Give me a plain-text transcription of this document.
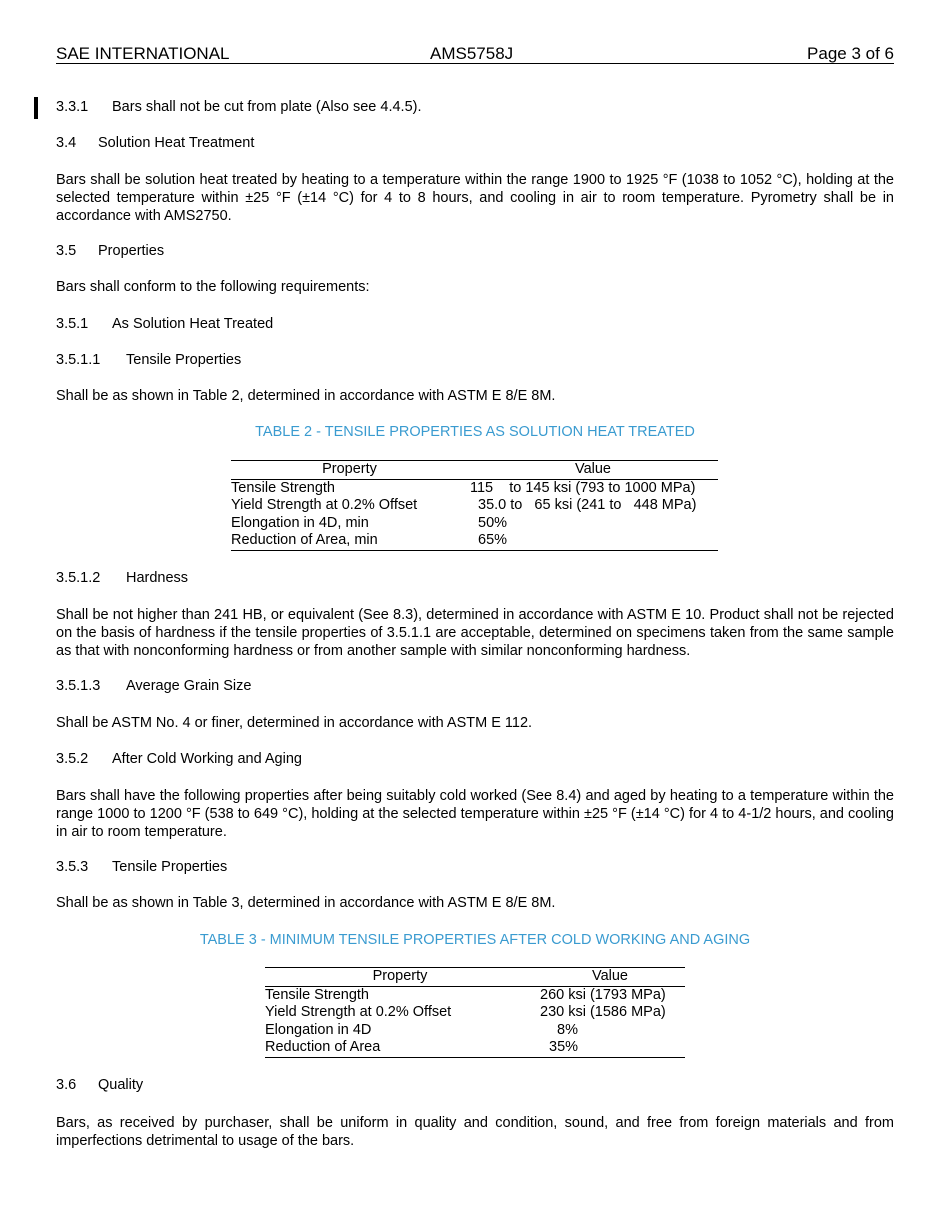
SAE INTERNATIONAL	AMS5758J	Page 3 of 6
3.3.1 Bars shall not be cut from plate (Also see 4.4.5).
3.4 Solution Heat Treatment
Bars shall be solution heat treated by heating to a temperature within the range 1900 to 1925 °F (1038 to 1052 °C), holding at the selected temperature within ±25 °F (±14 °C) for 4 to 8 hours, and cooling in air to room temperature. Pyrometry shall be in accordance with AMS2750.
3.5 Properties
Bars shall conform to the following requirements:
3.5.1 As Solution Heat Treated
3.5.1.1 Tensile Properties
Shall be as shown in Table 2, determined in accordance with ASTM E 8/E 8M.
TABLE 2 - TENSILE PROPERTIES AS SOLUTION HEAT TREATED
Property	Value
Tensile Strength	115    to 145 ksi (793 to 1000 MPa)
Yield Strength at 0.2% Offset	35.0 to   65 ksi (241 to   448 MPa)
Elongation in 4D, min	50%
Reduction of Area, min	65%
3.5.1.2 Hardness
Shall be not higher than 241 HB, or equivalent (See 8.3), determined in accordance with ASTM E 10. Product shall not be rejected on the basis of hardness if the tensile properties of 3.5.1.1 are acceptable, determined on specimens taken from the same sample as that with nonconforming hardness or from another sample with similar nonconforming hardness.
3.5.1.3 Average Grain Size
Shall be ASTM No. 4 or finer, determined in accordance with ASTM E 112.
3.5.2 After Cold Working and Aging
Bars shall have the following properties after being suitably cold worked (See 8.4) and aged by heating to a temperature within the range 1000 to 1200 °F (538 to 649 °C), holding at the selected temperature within ±25 °F (±14 °C) for 4 to 4-1/2 hours, and cooling in air to room temperature.
3.5.3 Tensile Properties
Shall be as shown in Table 3, determined in accordance with ASTM E 8/E 8M.
TABLE 3 - MINIMUM TENSILE PROPERTIES AFTER COLD WORKING AND AGING
Property	Value
Tensile Strength	260 ksi (1793 MPa)
Yield Strength at 0.2% Offset	230 ksi (1586 MPa)
Elongation in 4D	8%
Reduction of Area	35%
3.6 Quality
Bars, as received by purchaser, shall be uniform in quality and condition, sound, and free from foreign materials and from imperfections detrimental to usage of the bars.
